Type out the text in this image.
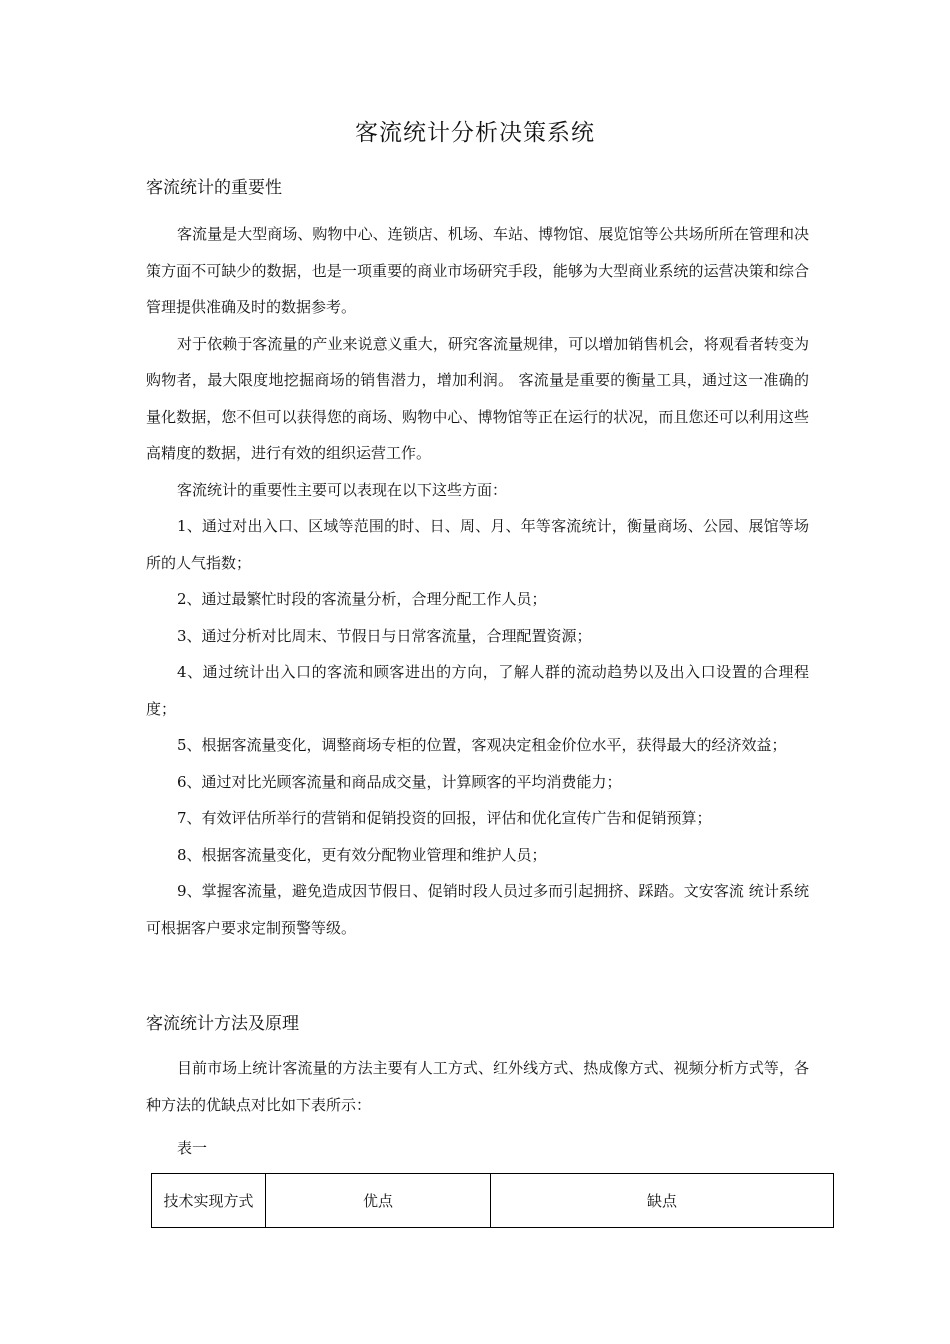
客流统计分析决策系统
客流统计的重要性

客流量是大型商场、购物中心、连锁店、机场、车站、博物馆、展览馆等公共场所所在管理和决策方面不可缺少的数据，也是一项重要的商业市场研究手段，能够为大型商业系统的运营决策和综合管理提供准确及时的数据参考。

对于依赖于客流量的产业来说意义重大，研究客流量规律，可以增加销售机会，将观看者转变为购物者，最大限度地挖掘商场的销售潜力，增加利润。 客流量是重要的衡量工具，通过这一准确的量化数据，您不但可以获得您的商场、购物中心、博物馆等正在运行的状况，而且您还可以利用这些高精度的数据，进行有效的组织运营工作。

客流统计的重要性主要可以表现在以下这些方面：

1、通过对出入口、区域等范围的时、日、周、月、年等客流统计，衡量商场、公园、展馆等场所的人气指数；

2、通过最繁忙时段的客流量分析，合理分配工作人员；

3、通过分析对比周末、节假日与日常客流量，合理配置资源；

4、通过统计出入口的客流和顾客进出的方向，了解人群的流动趋势以及出入口设置的合理程度；

5、根据客流量变化，调整商场专柜的位置，客观决定租金价位水平，获得最大的经济效益；

6、通过对比光顾客流量和商品成交量，计算顾客的平均消费能力；

7、有效评估所举行的营销和促销投资的回报，评估和优化宣传广告和促销预算；

8、根据客流量变化，更有效分配物业管理和维护人员；

9、掌握客流量，避免造成因节假日、促销时段人员过多而引起拥挤、踩踏。文安客流 统计系统可根据客户要求定制预警等级。

客流统计方法及原理

目前市场上统计客流量的方法主要有人工方式、红外线方式、热成像方式、视频分析方式等，各种方法的优缺点对比如下表所示：

表一
技术实现方式	优点	缺点
